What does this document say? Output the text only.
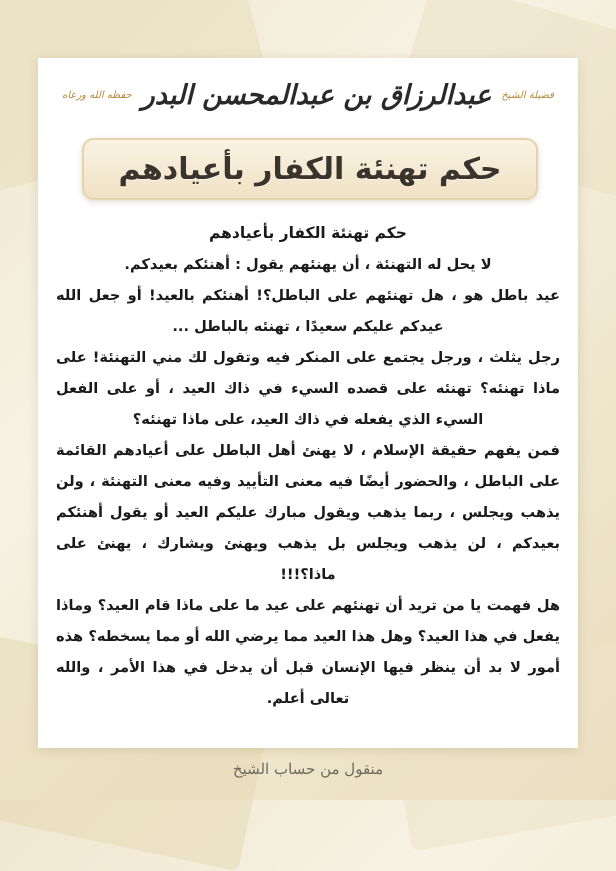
فضيلة الشيخ
عبدالرزاق بن عبدالمحسن البدر
حفظه الله ورعاه
حكم تهنئة الكفار بأعيادهم
حكم تهنئة الكفار بأعيادهم

لا يحل له التهنئة ، أن يهنئهم يقول : أهنئكم بعيدكم.

عيد باطل هو ، هل تهنئهم على الباطل؟! أهنئكم بالعيد! أو جعل الله عيدكم عليكم سعيدًا ، تهنئه بالباطل ...

رجل يثلث ، ورجل يجتمع على المنكر فيه وتقول لك مني التهنئة! على ماذا تهنئه؟ تهنئه على قصده السيء في ذاك العيد ، أو على الفعل السيء الذي يفعله في ذاك العيد، على ماذا تهنئه؟

فمن يفهم حقيقة الإسلام ، لا يهنئ أهل الباطل على أعيادهم القائمة على الباطل ، والحضور أيضًا فيه معنى التأييد وفيه معنى التهنئة ، ولن يذهب ويجلس ، ربما يذهب ويقول مبارك عليكم العيد أو يقول أهنئكم بعيدكم ، لن يذهب ويجلس بل يذهب ويهنئ ويشارك ، يهنئ على ماذا؟!!!

هل فهمت يا من تريد أن تهنئهم على عيد ما على ماذا قام العيد؟ وماذا يفعل في هذا العيد؟ وهل هذا العيد مما يرضي الله أو مما يسخطه؟ هذه أمور لا بد أن ينظر فيها الإنسان قبل أن يدخل في هذا الأمر ، والله تعالى أعلم.

منقول من حساب الشيخ
